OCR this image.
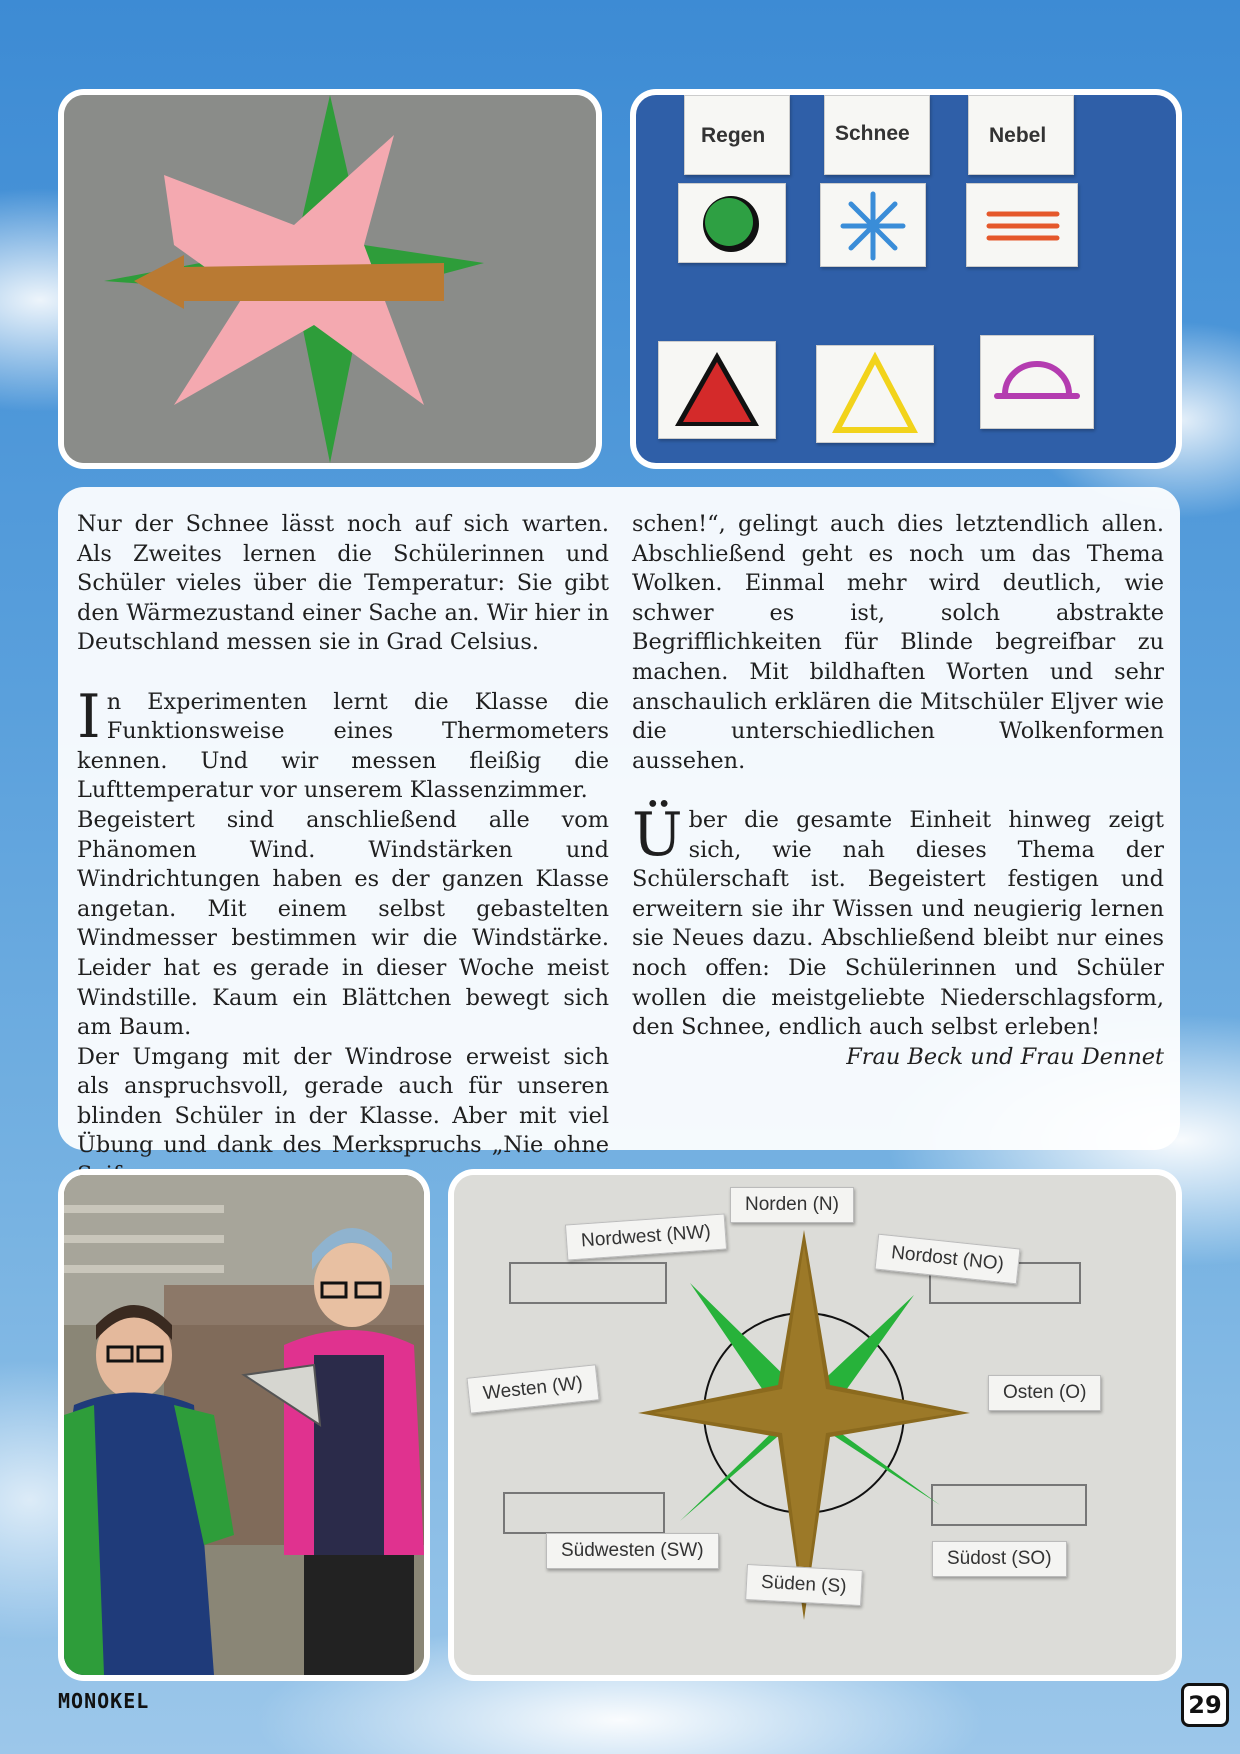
Regen	Schnee	Nebel

Nur der Schnee lässt noch auf sich warten. Als Zweites lernen die Schülerinnen und Schüler vieles über die Temperatur: Sie gibt den Wärmezustand einer Sache an. Wir hier in Deutschland messen sie in Grad Celsius.

In Experimenten lernt die Klasse die Funktionsweise eines Thermometers kennen. Und wir messen fleißig die Lufttemperatur vor unserem Klassenzimmer.

Begeistert sind anschließend alle vom Phänomen Wind. Windstärken und Windrichtungen haben es der ganzen Klasse angetan. Mit einem selbst gebastelten Windmesser bestimmen wir die Windstärke. Leider hat es gerade in dieser Woche meist Windstille. Kaum ein Blättchen bewegt sich am Baum.

Der Umgang mit der Windrose erweist sich als anspruchsvoll, gerade auch für unseren blinden Schüler in der Klasse. Aber mit viel Übung und dank des Merkspruchs „Nie ohne

schen!“, gelingt auch dies letztendlich allen. Abschließend geht es noch um das Thema Wolken. Einmal mehr wird deutlich, wie schwer es ist, solch abstrakte Begrifflichkeiten für Blinde begreifbar zu machen. Mit bildhaften Worten und sehr anschaulich erklären die Mitschüler Eljver wie die unterschiedlichen Wolkenformen aussehen.

Über die gesamte Einheit hinweg zeigt sich, wie nah dieses Thema der Schülerschaft ist. Begeistert festigen und erweitern sie ihr Wissen und neugierig lernen sie Neues dazu. Abschließend bleibt nur eines noch offen: Die Schülerinnen und Schüler wollen die meistgeliebte Niederschlagsform, den Schnee, endlich auch selbst erleben!

Frau Beck und Frau Dennet

Norden (N)
Nordwest (NW)
Nordost (NO)
Westen (W)	Osten (O)
Südwesten (SW)
Süden (S)
Südost (SO)
MONOKEL	29
